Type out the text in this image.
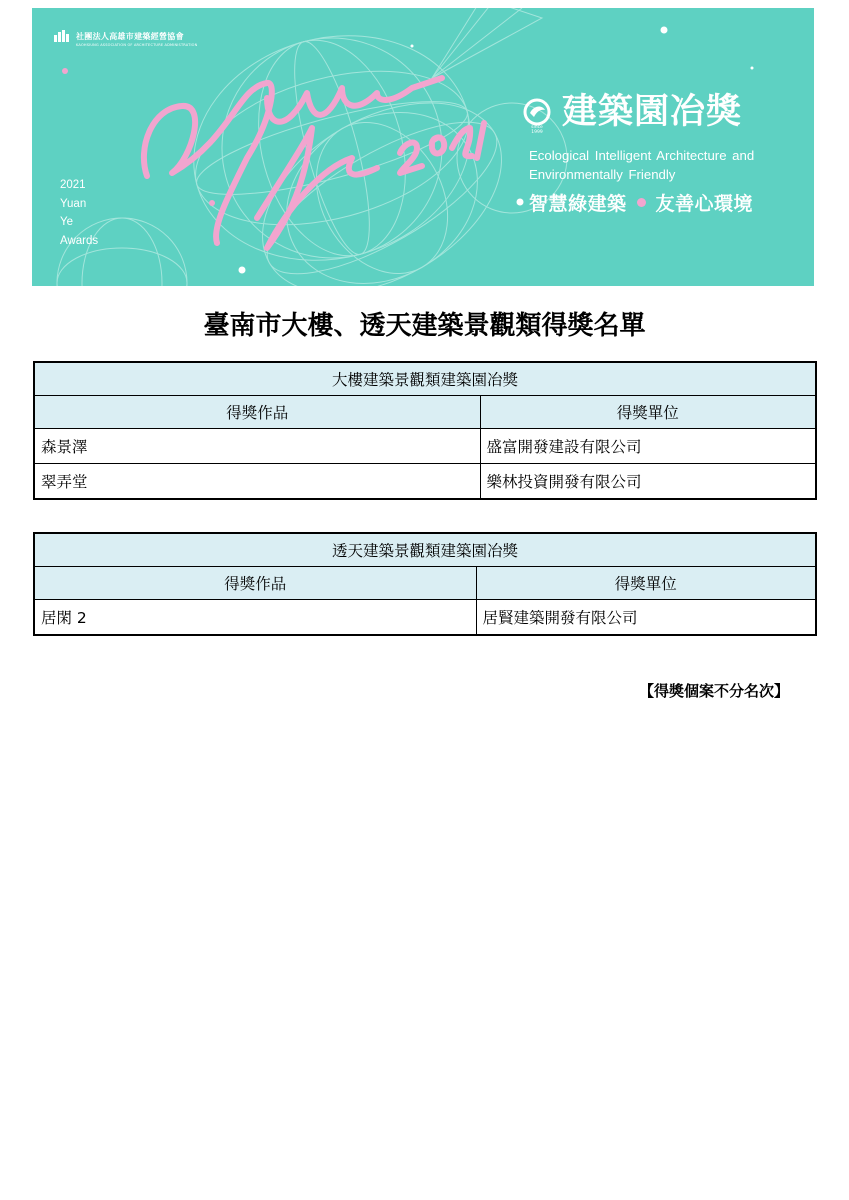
社團法人高雄市建築經營協會
KAOHSIUNG ASSOCIATION OF ARCHITECTURE ADMINISTRATION
2021
Yuan
Ye
Awards
建築園冶獎
since
1999
Ecological Intelligent Architecture and
Environmentally Friendly
智慧綠建築 友善心環境
臺南市大樓、透天建築景觀類得獎名單
大樓建築景觀類建築園冶獎	
得獎作品	得獎單位
森景澤	盛富開發建設有限公司
翠弄堂	樂林投資開發有限公司
透天建築景觀類建築園冶獎	
得獎作品	得獎單位
居閑 2	居賢建築開發有限公司
【得獎個案不分名次】
